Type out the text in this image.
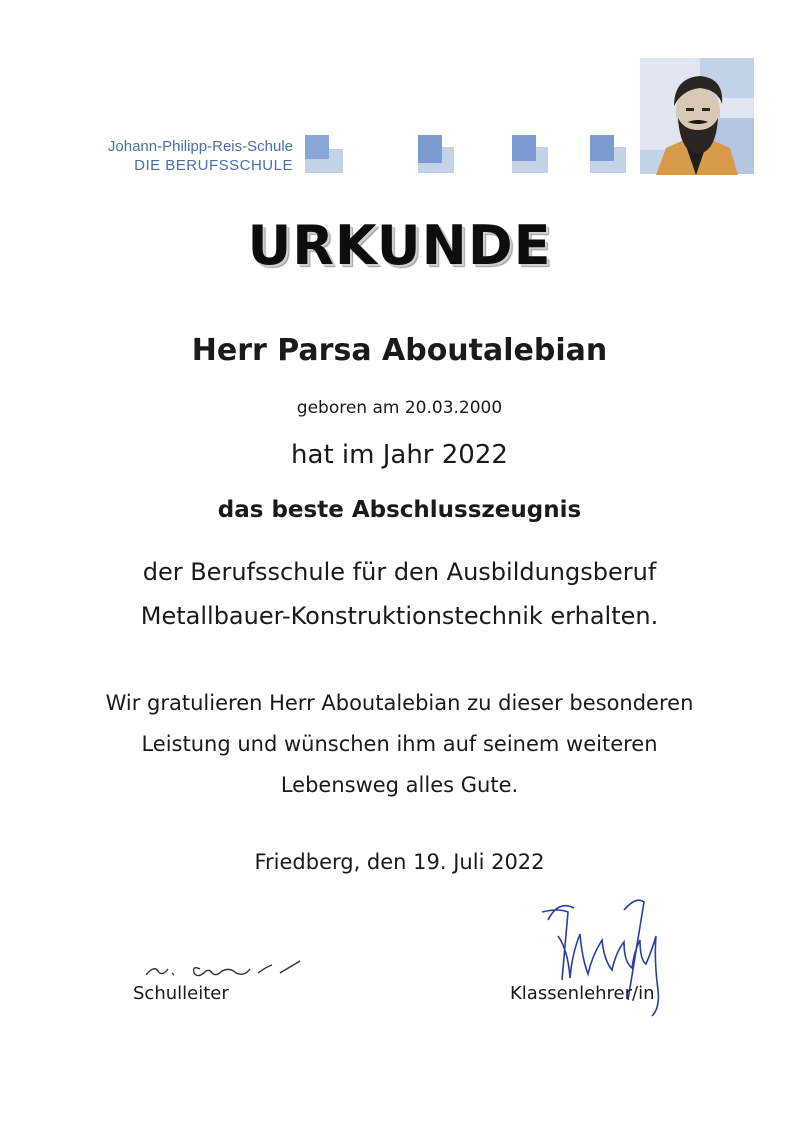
Johann-Philipp-Reis-Schule
DIE BERUFSSCHULE
URKUNDE
Herr Parsa Aboutalebian
geboren am 20.03.2000
hat im Jahr 2022
das beste Abschlusszeugnis
der Berufsschule für den Ausbildungsberuf
Metallbauer-Konstruktionstechnik erhalten.
Wir gratulieren Herr Aboutalebian zu dieser besonderen
Leistung und wünschen ihm auf seinem weiteren
Lebensweg alles Gute.
Friedberg, den 19. Juli 2022
Schulleiter	Klassenlehrer/in
